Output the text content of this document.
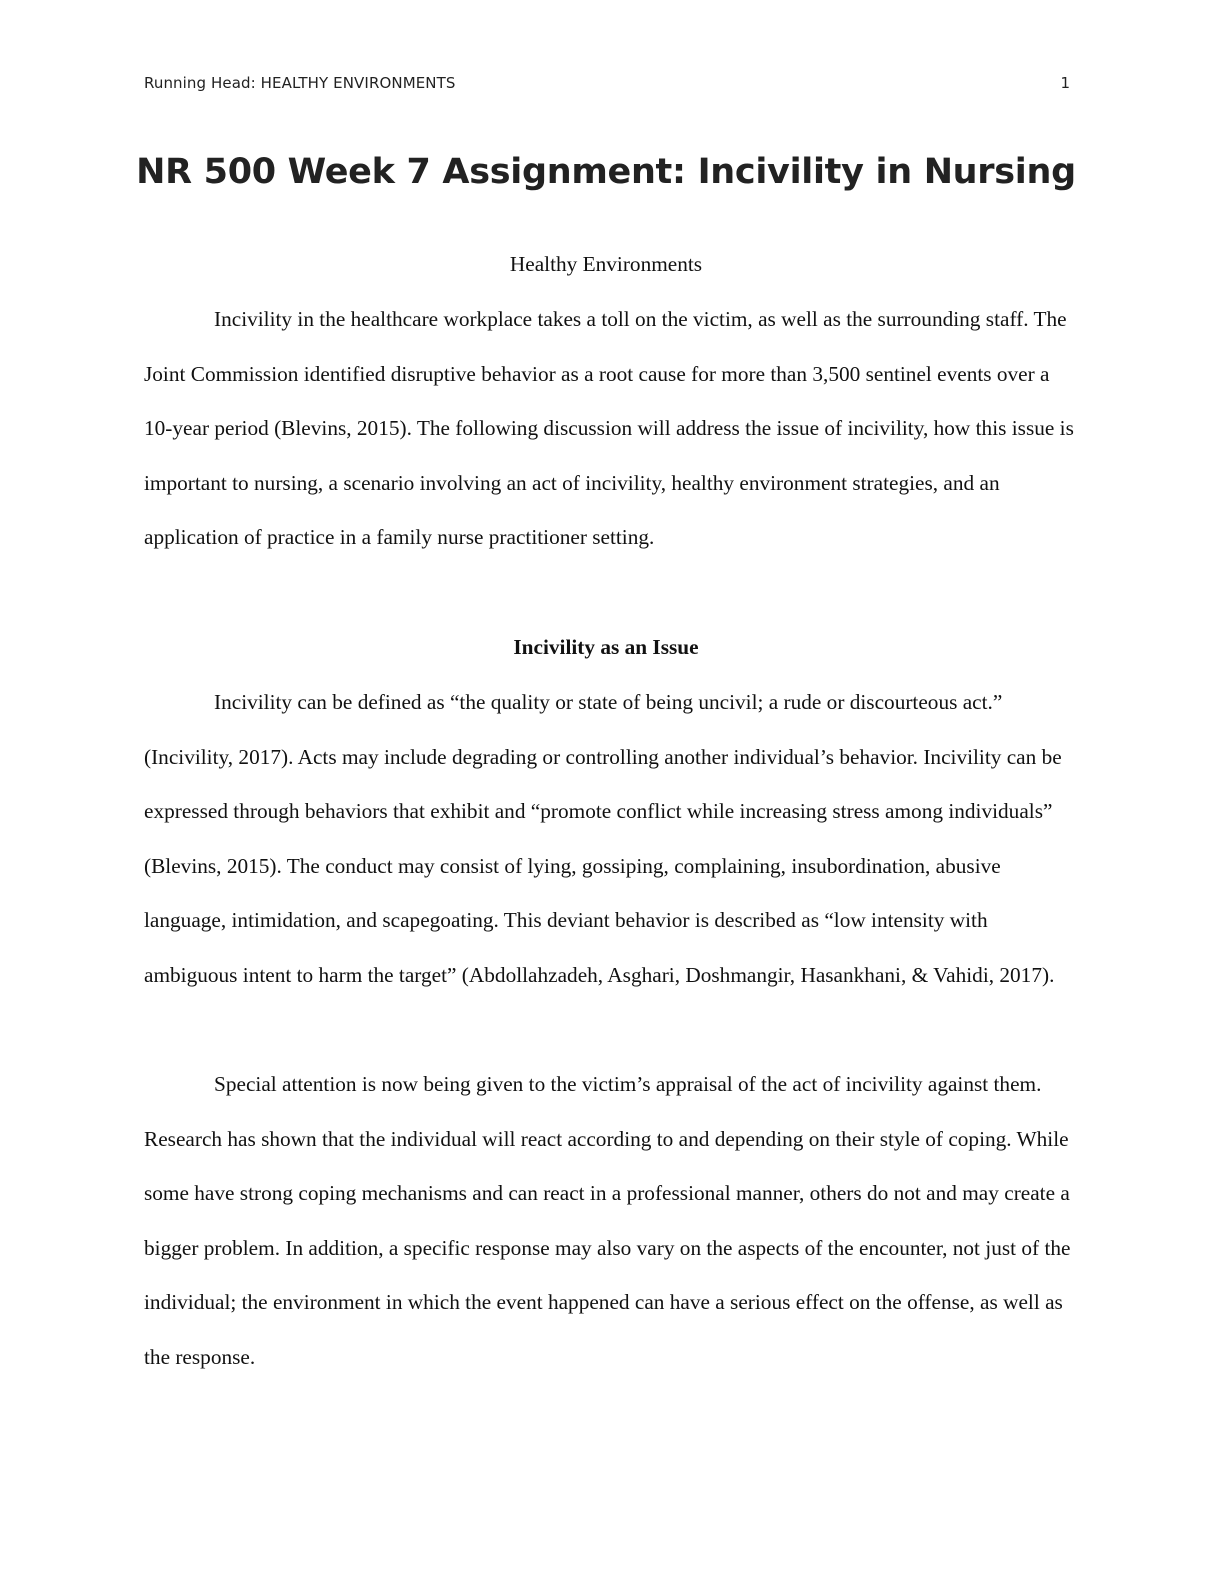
Running Head: HEALTHY ENVIRONMENTS	1
NR 500 Week 7 Assignment: Incivility in Nursing
Healthy Environments

Incivility in the healthcare workplace takes a toll on the victim, as well as the surrounding staff. The Joint Commission identified disruptive behavior as a root cause for more than 3,500 sentinel events over a 10-year period (Blevins, 2015). The following discussion will address the issue of incivility, how this issue is important to nursing, a scenario involving an act of incivility, healthy environment strategies, and an application of practice in a family nurse practitioner setting.

Incivility as an Issue

Incivility can be defined as “the quality or state of being uncivil; a rude or discourteous act.” (Incivility, 2017). Acts may include degrading or controlling another individual’s behavior. Incivility can be expressed through behaviors that exhibit and “promote conflict while increasing stress among individuals” (Blevins, 2015). The conduct may consist of lying, gossiping, complaining, insubordination, abusive language, intimidation, and scapegoating. This deviant behavior is described as “low intensity with ambiguous intent to harm the target” (Abdollahzadeh, Asghari, Doshmangir, Hasankhani, & Vahidi, 2017).

Special attention is now being given to the victim’s appraisal of the act of incivility against them. Research has shown that the individual will react according to and depending on their style of coping. While some have strong coping mechanisms and can react in a professional manner, others do not and may create a bigger problem. In addition, a specific response may also vary on the aspects of the encounter, not just of the individual; the environment in which the event happened can have a serious effect on the offense, as well as the response.
